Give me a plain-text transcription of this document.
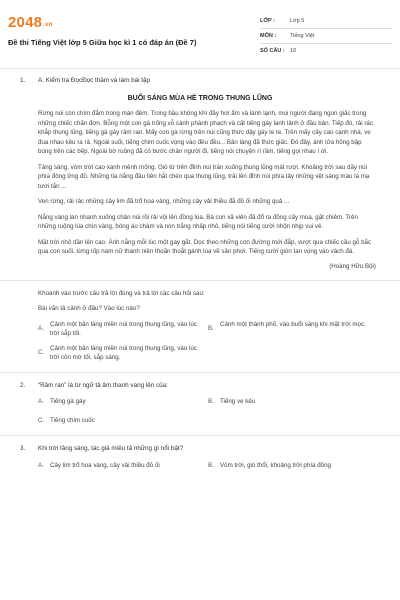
2048.vn
Đề thi Tiếng Việt lớp 5 Giữa học kì 1 có đáp án (Đề 7)
LỚP :	Lớp 5
MÔN :	Tiếng Việt
SỐ CÂU : 10
1. A. Kiểm tra ĐọcĐọc thầm và làm bài tập
BUỔI SÁNG MÙA HÈ TRONG THUNG LŨNG
Rừng núi còn chìm đắm trong màn đêm. Trong bầu không khí đầy hơi ẩm và lành lạnh, mọi người đang ngon giấc trong những chiếc chăn đơn. Bỗng một con gà trống vỗ cánh phành phạch và cất tiếng gáy lanh lảnh ở đầu bản. Tiếp đó, rải rác khắp thung lũng, tiếng gà gáy râm ran. Mấy con gà rừng trên núi cũng thức dậy gáy te te. Trên mấy cây cao cạnh nhà, ve đua nhau kêu ra rả. Ngoài suối, tiếng chim cuốc vọng vào đều đều... Bản làng đã thức giấc. Đó đây, ánh lửa hồng bập bùng trên các bếp. Ngoài bờ ruộng đã có bước chân người đi, tiếng nói chuyện rì rầm, tiếng gọi nhau í ới.
Tảng sáng, vòm trời cao xanh mênh mông. Gió từ trên đỉnh núi tràn xuống thung lũng mát rượi. Khoảng trời sau dãy núi phía đông ửng đỏ. Những tia nắng đầu tiên hắt chéo qua thung lũng, trải lên đỉnh núi phía tây những vệt sáng màu lá mạ tươi tắn ...
Ven rừng, rải rác những cây lim đã trổ hoa vàng, những cây vải thiều đã đỏ ối những quả ...
Nắng vàng lan nhanh xuống chân núi rồi rải vội lên đồng lúa. Bà con xã viên đã đổ ra đồng cấy mùa, gặt chiêm. Trên những ruộng lúa chín vàng, bóng áo chàm và nón trắng nhấp nhô, tiếng nói tiếng cười nhộn nhịp vui vẻ.
Mặt trời nhô dần lên cao. Ánh nắng mỗi lúc một gay gắt. Dọc theo những con đường mới đắp, vượt qua chiếc cầu gỗ bắc qua con suối, từng tốp nam nữ thanh niên thoăn thoắt gánh lúa về sân phơi. Tiếng cười giòn tan vọng vào vách đá.
(Hoàng Hữu Bội)
Khoanh vào trước câu trả lời đúng và trả lời các câu hỏi sau:
Bài văn tả cảnh ở đâu? Vào lúc nào?
A.
Cảnh một bản làng miền núi trong thung lũng, vào lúc trời sắp tối.
B.
Cảnh một thành phố, vào buổi sáng khi mặt trời mọc.
C.
Cảnh một bản làng miền núi trong thung lũng, vào lúc trời còn mờ tối, sắp sáng.
2. “Râm ran” là từ ngữ tả âm thanh vang lên của:
A. Tiếng gà gáy	B. Tiếng ve kêu
C. Tiếng chim cuốc
3. Khi trời tảng sáng, tác giả miêu tả những gì nổi bật?
A. Cây lim trổ hoa vàng, cây vải thiều đỏ ối	B. Vòm trời, gió thổi, khoảng trời phía đông
